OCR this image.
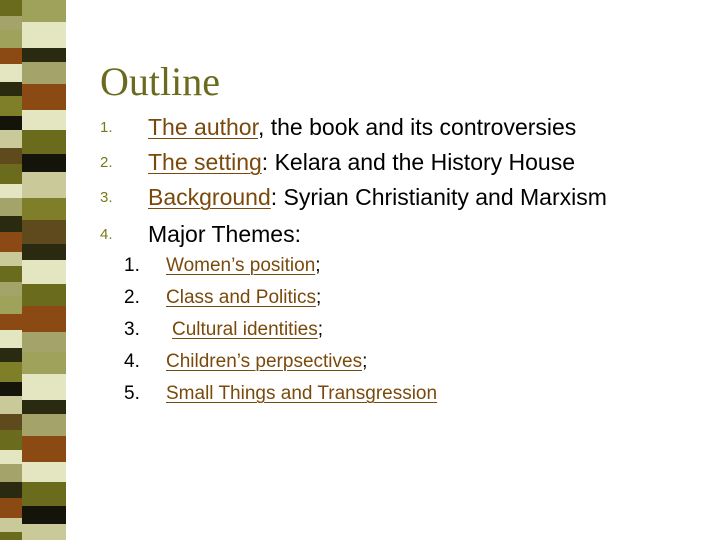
Outline
1. The author, the book and its controversies
2. The setting: Kelara and the History House
3. Background: Syrian Christianity and Marxism
4. Major Themes:
1. Women’s position;
2. Class and Politics;
3. Cultural identities;
4. Children’s perpsectives;
5. Small Things and Transgression
